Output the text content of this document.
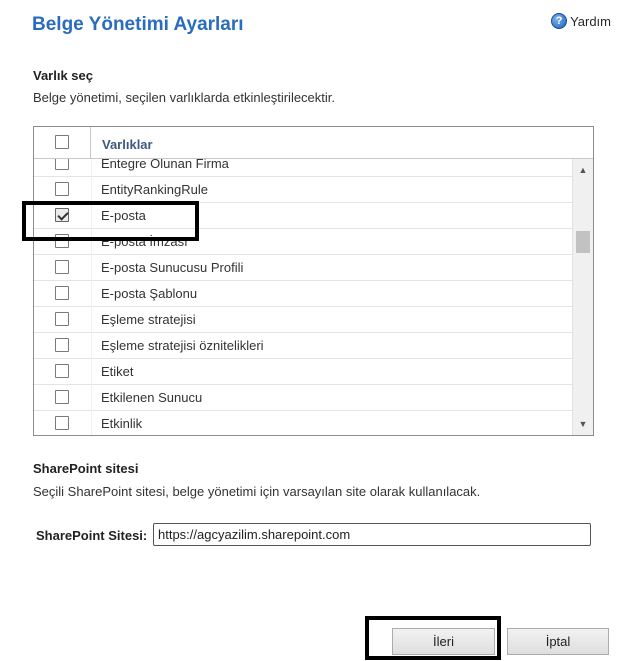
Belge Yönetimi Ayarları	? Yardım
Varlık seç
Belge yönetimi, seçilen varlıklarda etkinleştirilecektir.
Varlıklar
Entegre Olunan Firma
EntityRankingRule
E-posta
E-posta İmzası
E-posta Sunucusu Profili
E-posta Şablonu
Eşleme stratejisi
Eşleme stratejisi öznitelikleri
Etiket
Etkilenen Sunucu
Etkinlik
▲
▼
SharePoint sitesi
Seçili SharePoint sitesi, belge yönetimi için varsayılan site olarak kullanılacak.
SharePoint Sitesi:
https://agcyazilim.sharepoint.com
İleri	İptal
